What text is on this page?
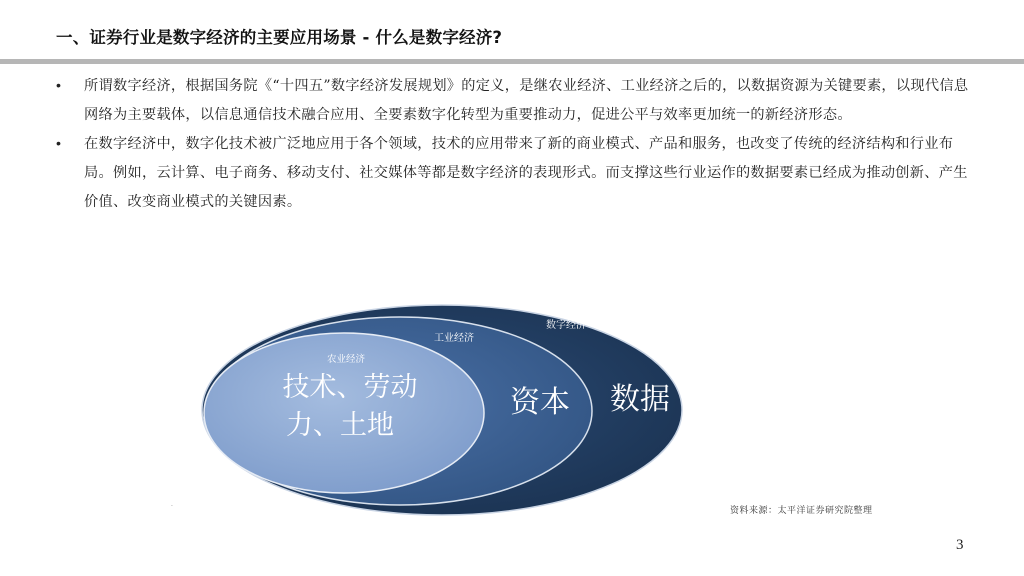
一、证券行业是数字经济的主要应用场景 - 什么是数字经济?
• 所谓数字经济，根据国务院《“十四五”数字经济发展规划》的定义，是继农业经济、工业经济之后的，以数据资源为关键要素，以现代信息网络为主要载体，以信息通信技术融合应用、全要素数字化转型为重要推动力，促进公平与效率更加统一的新经济形态。
• 在数字经济中，数字化技术被广泛地应用于各个领域，技术的应用带来了新的商业模式、产品和服务，也改变了传统的经济结构和行业布局。例如，云计算、电子商务、移动支付、社交媒体等都是数字经济的表现形式。而支撑这些行业运作的数据要素已经成为推动创新、产生价值、改变商业模式的关键因素。
数字经济
工业经济
农业经济
数据
资本
技术、劳动
力、土地
·	资料来源：太平洋证券研究院整理
3
